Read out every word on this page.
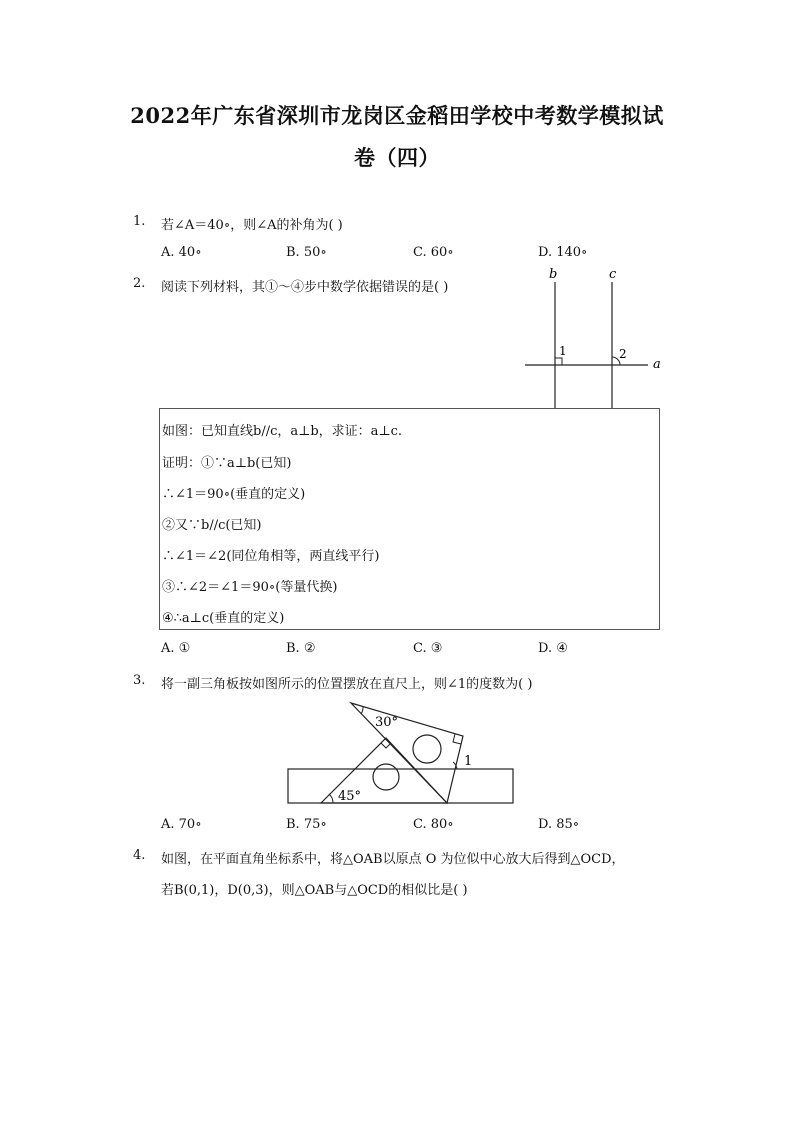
2022年广东省深圳市龙岗区金稻田学校中考数学模拟试
卷（四）
1. 若∠A＝40∘，则∠A的补角为( )
A. 40∘	B. 50∘	C. 60∘	D. 140∘
2. 阅读下列材料，其①～④步中数学依据错误的是( )
b	c
a
1	2
如图：已知直线b//c，a⊥b，求证：a⊥c.
证明：①∵a⊥b(已知)
∴∠1＝90∘(垂直的定义)
②又∵b//c(已知)
∴∠1＝∠2(同位角相等，两直线平行)
③∴∠2＝∠1＝90∘(等量代换)
④∴a⊥c(垂直的定义)
A. ①	B. ②	C. ③	D. ④
3. 将一副三角板按如图所示的位置摆放在直尺上，则∠1的度数为( )
30°
45°
1
A. 70∘	B. 75∘	C. 80∘	D. 85∘
4. 如图，在平面直角坐标系中，将△OAB以原点 O 为位似中心放大后得到△OCD，
若B(0,1)，D(0,3)，则△OAB与△OCD的相似比是( )
